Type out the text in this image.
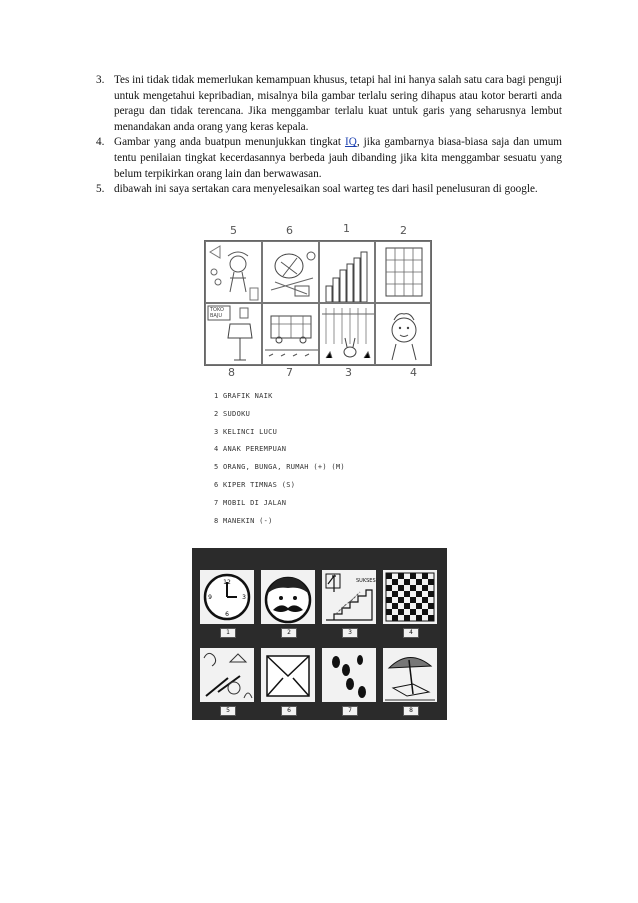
3. Tes ini tidak tidak memerlukan kemampuan khusus, tetapi hal ini hanya salah satu cara bagi penguji untuk mengetahui kepribadian, misalnya bila gambar terlalu sering dihapus atau kotor berarti anda peragu dan tidak terencana. Jika menggambar terlalu kuat untuk garis yang seharusnya lembut menandakan anda orang yang keras kepala.
4. Gambar yang anda buatpun menunjukkan tingkat IQ, jika gambarnya biasa-biasa saja dan umum tentu penilaian tingkat kecerdasannya berbeda jauh dibanding jika kita menggambar sesuatu yang belum terpikirkan orang lain dan berwawasan.
5. dibawah ini saya sertakan cara menyelesaikan soal warteg tes dari hasil penelusuran di google.
5	6	1	2
TOKO BAJU
8	7	3	4
1 GRAFIK NAIK
2 SUDOKU
3 KELINCI LUCU
4 ANAK PEREMPUAN
5 ORANG, BUNGA, RUMAH (+) (M)
6 KIPER TIMNAS (S)
7 MOBIL DI JALAN
8 MANEKIN (-)
12
3
6
9
SUKSES
1	2	3	4
5	6	7	8
